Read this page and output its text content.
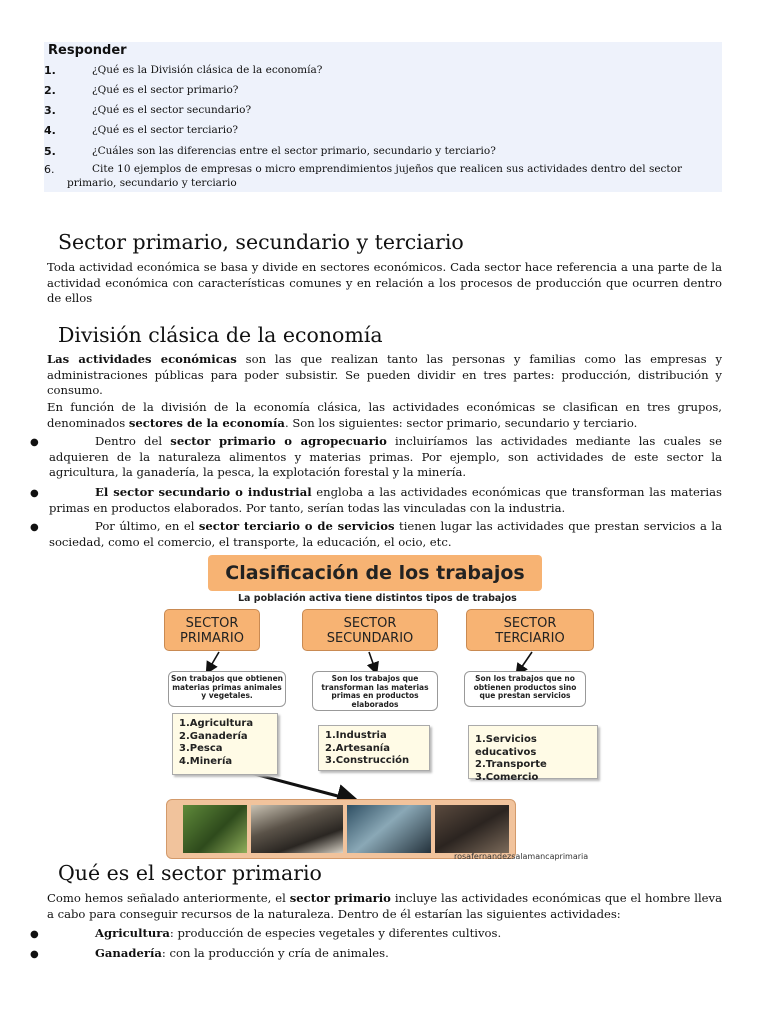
Responder
1.	¿Qué es la División clásica de la economía?
2.	¿Qué es el sector primario?
3.	¿Qué es el sector secundario?
4.	¿Qué es el sector terciario?
5.	¿Cuáles son las diferencias entre el sector primario, secundario y terciario?
6.	Cite 10 ejemplos de empresas o micro emprendimientos jujeños que realicen sus actividades dentro del sector
primario, secundario y terciario
Sector primario, secundario y terciario
Toda actividad económica se basa y divide en sectores económicos. Cada sector hace referencia a una parte de la actividad económica con características comunes y en relación a los procesos de producción que ocurren dentro de ellos
División clásica de la economía
Las actividades económicas son las que realizan tanto las personas y familias como las empresas y administraciones públicas para poder subsistir. Se pueden dividir en tres partes: producción, distribución y consumo.
En función de la división de la economía clásica, las actividades económicas se clasifican en tres grupos, denominados sectores de la economía. Son los siguientes: sector primario, secundario y terciario.
●	Dentro del sector primario o agropecuario incluiríamos las actividades mediante las cuales se adquieren de la naturaleza alimentos y materias primas. Por ejemplo, son actividades de este sector la agricultura, la ganadería, la pesca, la explotación forestal y la minería.
●	El sector secundario o industrial engloba a las actividades económicas que transforman las materias primas en productos elaborados. Por tanto, serían todas las vinculadas con la industria.
●	Por último, en el sector terciario o de servicios tienen lugar las actividades que prestan servicios a la sociedad, como el comercio, el transporte, la educación, el ocio, etc.
Clasificación de los trabajos
La población activa tiene distintos tipos de trabajos
SECTOR
PRIMARIO
SECTOR
SECUNDARIO
SECTOR
TERCIARIO
Son trabajos que obtienen materias primas animales y vegetales.
Son los trabajos que transforman las materias primas en productos elaborados
Son los trabajos que no obtienen productos sino que prestan servicios
1.Agricultura
2.Ganadería
3.Pesca
4.Minería
1.Industria
2.Artesanía
3.Construcción
1.Servicios educativos
2.Transporte
3.Comercio
rosafernandezsalamancaprimaria
Qué es el sector primario
Como hemos señalado anteriormente, el sector primario incluye las actividades económicas que el hombre lleva a cabo para conseguir recursos de la naturaleza. Dentro de él estarían las siguientes actividades:
●	Agricultura: producción de especies vegetales y diferentes cultivos.
●	Ganadería: con la producción y cría de animales.
